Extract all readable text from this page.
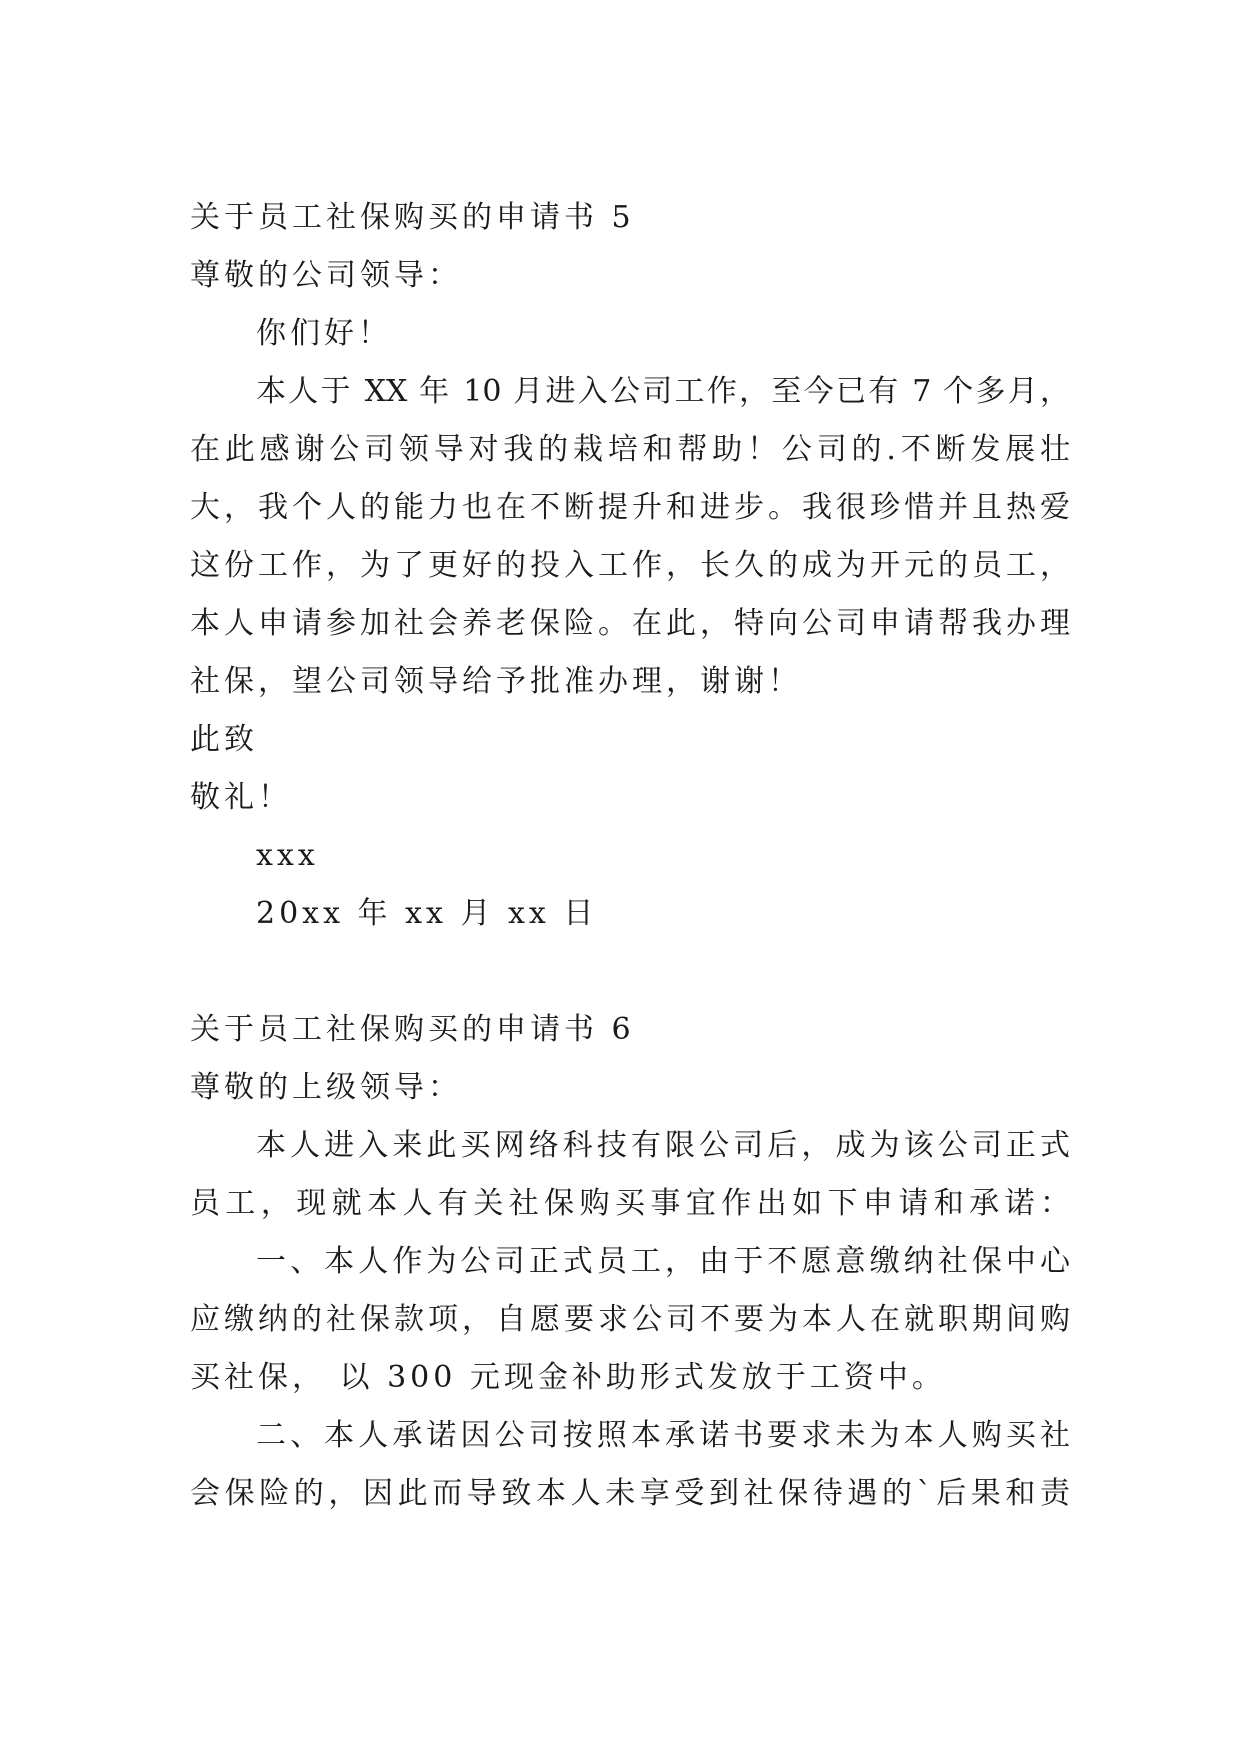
关于员工社保购买的申请书 5
尊敬的公司领导：
你们好！
本人于 XX 年 10 月进入公司工作，至今已有 7 个多月，
在此感谢公司领导对我的栽培和帮助！公司的.不断发展壮
大，我个人的能力也在不断提升和进步。我很珍惜并且热爱
这份工作，为了更好的投入工作，长久的成为开元的员工，
本人申请参加社会养老保险。在此，特向公司申请帮我办理
社保，望公司领导给予批准办理，谢谢！
此致
敬礼！
xxx
20xx 年 xx 月 xx 日
关于员工社保购买的申请书 6
尊敬的上级领导：
本人进入来此买网络科技有限公司后，成为该公司正式
员工，现就本人有关社保购买事宜作出如下申请和承诺：
一、本人作为公司正式员工，由于不愿意缴纳社保中心
应缴纳的社保款项，自愿要求公司不要为本人在就职期间购
买社保， 以 300 元现金补助形式发放于工资中。
二、本人承诺因公司按照本承诺书要求未为本人购买社
会保险的，因此而导致本人未享受到社保待遇的`后果和责
